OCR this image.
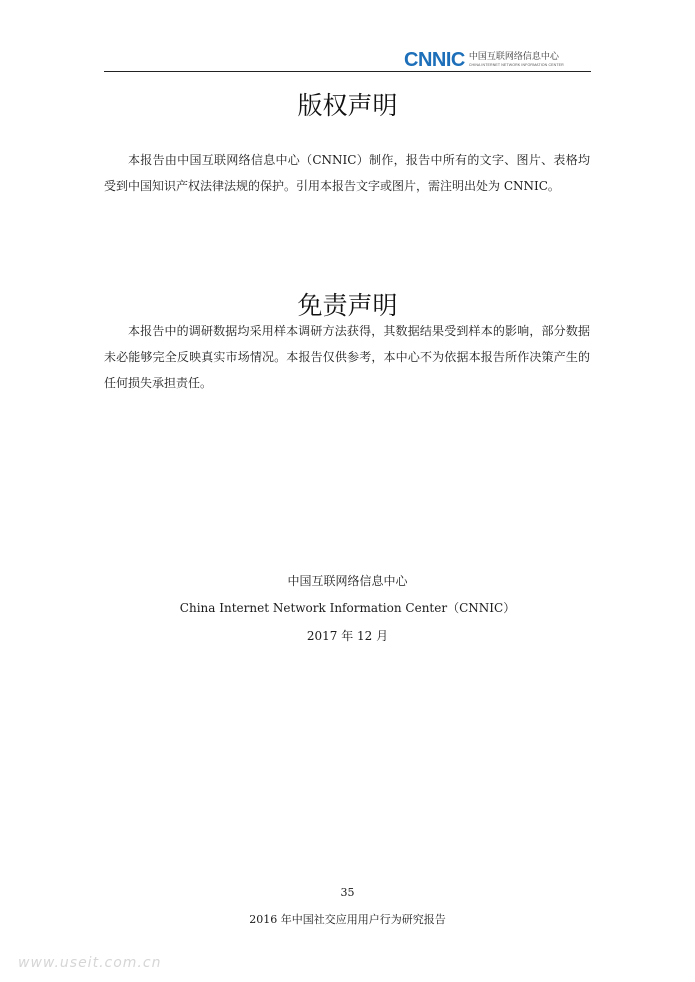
CNNIC 中国互联网络信息中心
CHINA INTERNET NETWORK INFORMATION CENTER
版权声明
本报告由中国互联网络信息中心（CNNIC）制作，报告中所有的文字、图片、表格均受到中国知识产权法律法规的保护。引用本报告文字或图片，需注明出处为 CNNIC。
免责声明
本报告中的调研数据均采用样本调研方法获得，其数据结果受到样本的影响，部分数据未必能够完全反映真实市场情况。本报告仅供参考，本中心不为依据本报告所作决策产生的任何损失承担责任。
中国互联网络信息中心
China Internet Network Information Center（CNNIC）
2017 年 12 月
35
2016 年中国社交应用用户行为研究报告
www.useit.com.cn
